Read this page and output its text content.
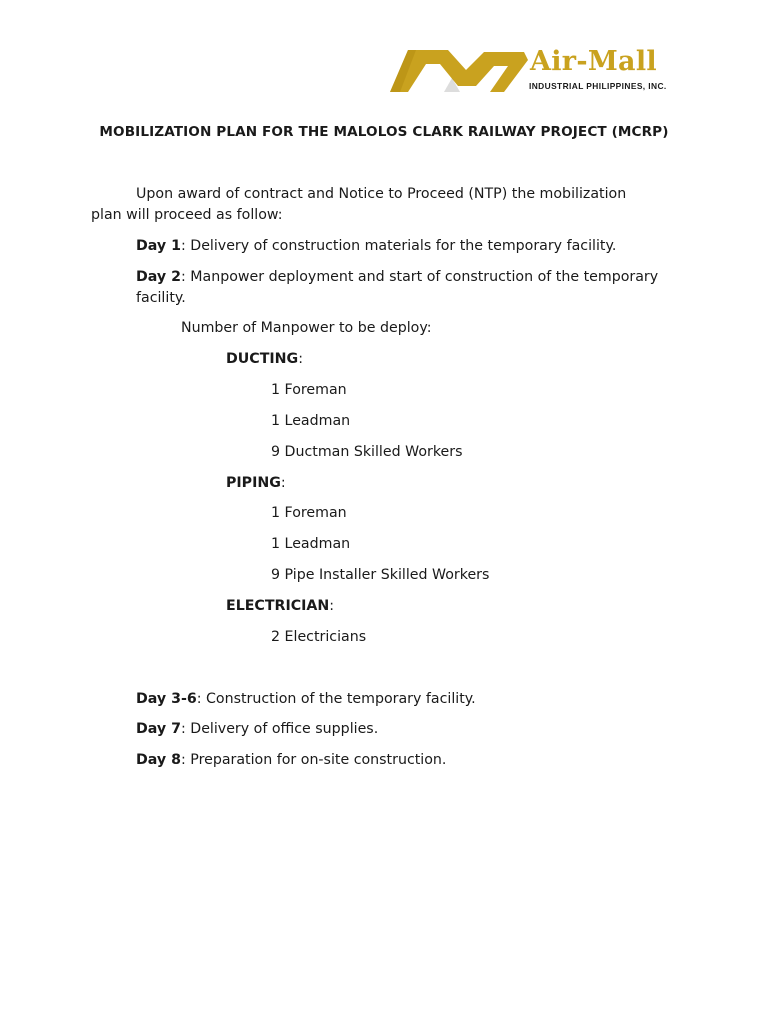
Air-Mall
INDUSTRIAL PHILIPPINES, INC.
MOBILIZATION PLAN FOR THE MALOLOS CLARK RAILWAY PROJECT (MCRP)
Upon award of contract and Notice to Proceed (NTP) the mobilization
plan will proceed as follow:
Day 1: Delivery of construction materials for the temporary facility.
Day 2: Manpower deployment and start of construction of the temporary
facility.
Number of Manpower to be deploy:
DUCTING:
1 Foreman
1 Leadman
9 Ductman Skilled Workers
PIPING:
1 Foreman
1 Leadman
9 Pipe Installer Skilled Workers
ELECTRICIAN:
2 Electricians
Day 3-6: Construction of the temporary facility.
Day 7: Delivery of office supplies.
Day 8: Preparation for on-site construction.
